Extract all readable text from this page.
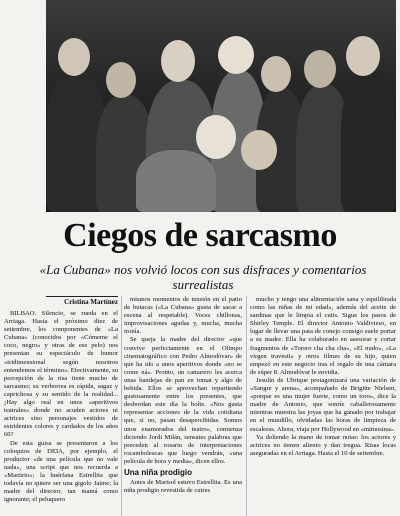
Ciegos de sarcasmo
«La Cubana» nos volvió locos con sus disfraces y comentarios surrealistas
Cristina Martínez

BILBAO. Silencio, se rueda en el Arriaga. Hasta el próximo diez de setiembre, los componentes de «La Cubana» (conocidos por «Cómeme el coco, negro» y otras de ese pelo) nos presentan su espectáculo de humor «tridimensional según nosotros entendemos el término». Efectivamente, su percepción de la risa tiene mucho de sarcasmo; su verborrea es rápida, sagaz y caprichosa y su sentido de la realidad... ¡Hay algo real en unos «aperitivos teatrales» donde no acuden actores ni actrices sino personajes vestidos de estridentes colores y cardados de los años 60?

De esta guisa se presentaron a los coloquios de DEIA, por ejemplo, el productor «de una película que no vale nada», una script que nos recuerda a «Martirio»; la huérfana Estrellita que todavía no quiere ser una gigolo Jaime; la madre del director, tan mamá como ignorante; el peluquero

mismos momentos de tensión en el patio de butacas («La Cubana» gusta de sacar a escena al respetable). Voces chillonas, improvisaciones agudas y, mucha, mucha ironía.

Se queja la madre del director «que convive perfectamente en el Olimpo cinematográfico con Pedro Almodóvar» de que ha ido a unos aperitivos donde «no se come ná». Pronto, un camarero les acerca unas bandejas de pan en tomat y algo de bebida. Ellos se aprovechan repartiendo gustosamente entre los presentes, que desbordan este día la boîte. «Nos gusta representar acciones de la vida cotidiana que, si no, pasan desapercibidas. Somos unos enamorados del teatro», comienza diciendo Jordi Milán, sensates palabras que preceden al rosario de interpretaciones rocambolescas que luego vendrán, «una película de hora y media», dicen ellos.

Una niña prodigio

Antes de Marisol estuvo Estrellita. Es una niña prodigio revestida de cutres

mucho y tengo una alimentación sana y equilibrada como las niñas de mi edad», además del aceite de sardinas que le limpia el cutis. Sigue los pasos de Shirley Temple. El director Antonio Valdivieso, en lugar de llevar una pata de conejo consigo suele portar a su madre. Ella ha colaborado en asesorar y cortar fragmentos de «Torero cha cha cha», «El nudo», «La virgen travesti» y otros filmes de su hijo, quien empezó en este negocio tras el regalo de una cámara de súper 8. Almodóvar le envidia.

Jesulín de Ubrique protagonizará una variación de «Sangre y arena», acompañado de Brigitte Nielsen, «porque es una mujer fuerte, como un toro», dice la madre de Antonio, que sonríe caballerosamente mientras muestra las joyas que ha ganado por trabajar en el mundillo, olvidadas las horas de limpieza de escaleras. Ahora, viaja por Hollywood en «mimosina».

Ya doliendo la mano de tomar notas: los actores y actrices no tienen aliento y dan tregua. Risas locas aseguradas en el Arriaga. Hasta el 10 de setiembre.
